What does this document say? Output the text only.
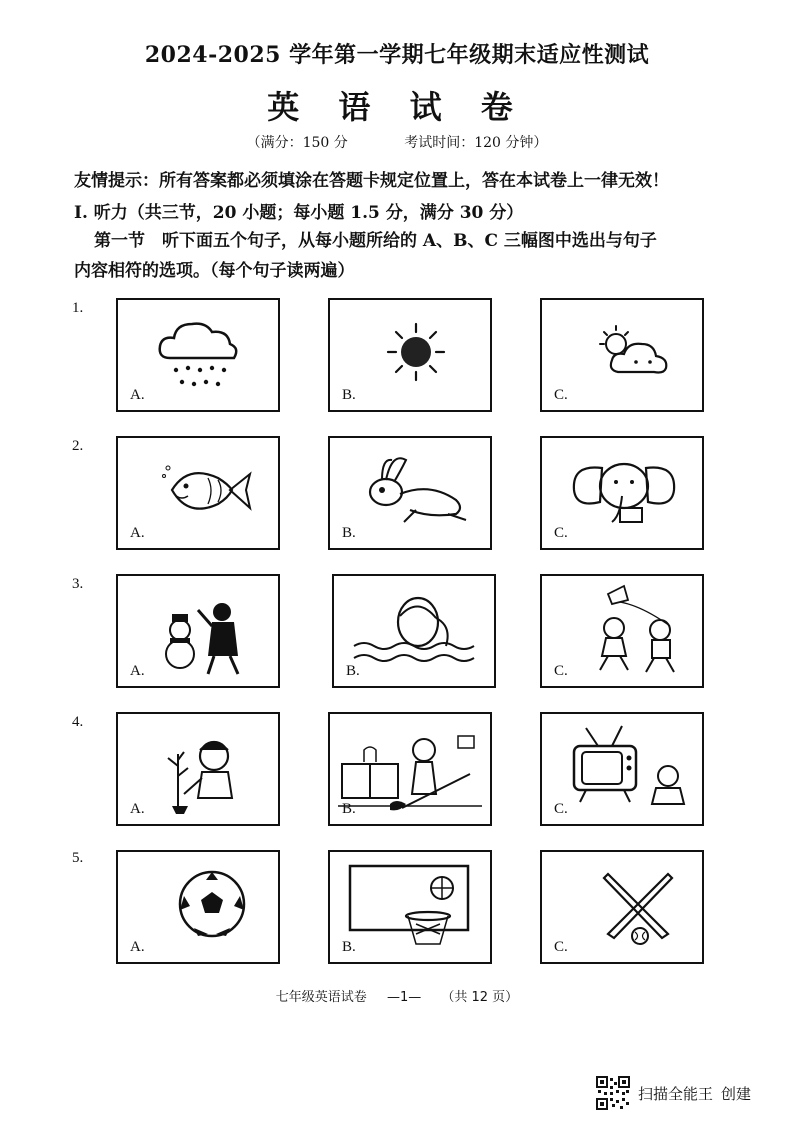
2024-2025 学年第一学期七年级期末适应性测试
英 语 试 卷
（满分：150 分	考试时间：120 分钟）
友情提示：所有答案都必须填涂在答题卡规定位置上，答在本试卷上一律无效！
Ⅰ. 听力（共三节，20 小题；每小题 1.5 分，满分 30 分）
第一节　听下面五个句子，从每小题所给的 A、B、C 三幅图中选出与句子
内容相符的选项。（每个句子读两遍）
1.
A.	B.	C.
2.
A.	B.	C.
3.
A.	B.	C.
4.
A.	B.	C.
5.
A.	B.	C.
七年级英语试卷 —1— （共 12 页）
扫描全能王 创建
